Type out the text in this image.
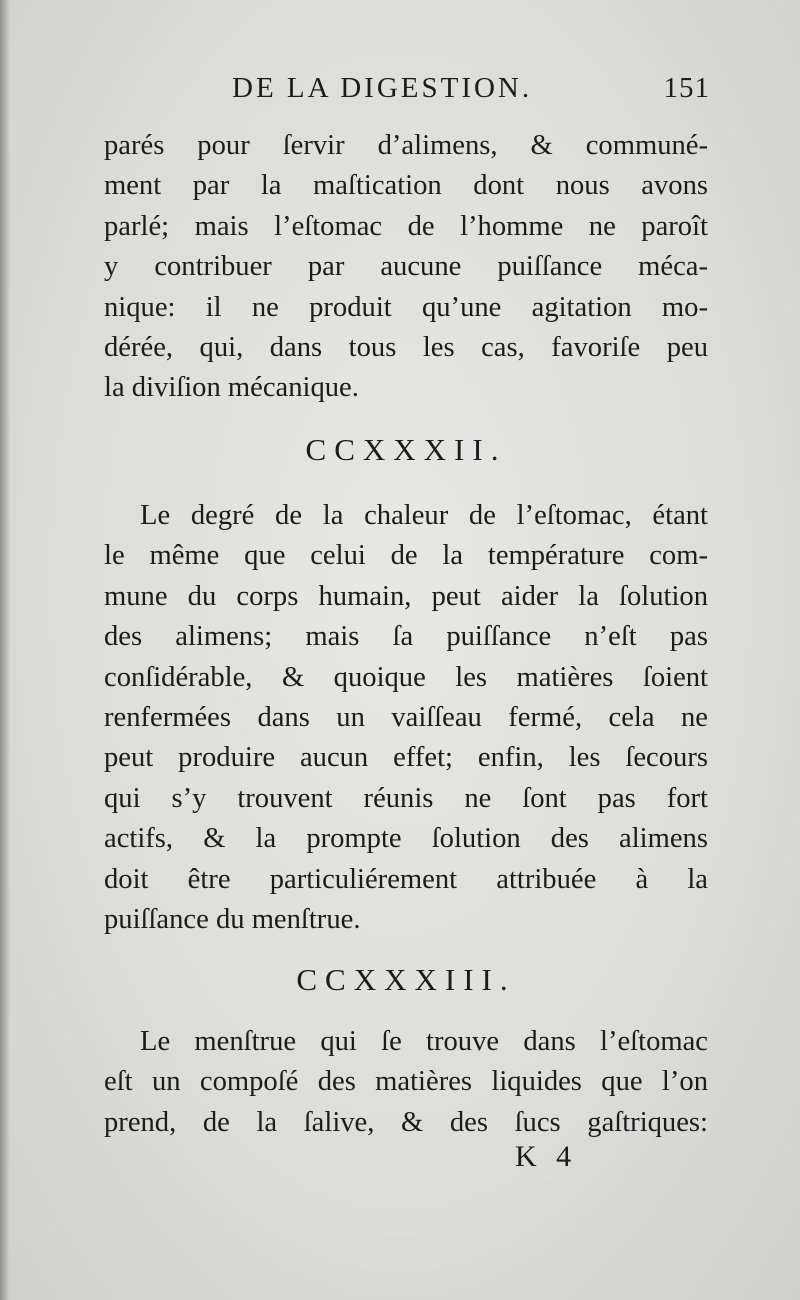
DE LA DIGESTION.	151
parés pour ſervir d’alimens, & communé-
ment par la maſtication dont nous avons
parlé; mais l’eſtomac de l’homme ne paroît
y contribuer par aucune puiſſance méca-
nique: il ne produit qu’une agitation mo-
dérée, qui, dans tous les cas, favoriſe peu
la diviſion mécanique.
CCXXXII.
Le degré de la chaleur de l’eſtomac, étant
le même que celui de la température com-
mune du corps humain, peut aider la ſolution
des alimens; mais ſa puiſſance n’eſt pas
conſidérable, & quoique les matières ſoient
renfermées dans un vaiſſeau fermé, cela ne
peut produire aucun effet; enfin, les ſecours
qui s’y trouvent réunis ne ſont pas fort
actifs, & la prompte ſolution des alimens
doit être particuliérement attribuée à la
puiſſance du menſtrue.
CCXXXIII.
Le menſtrue qui ſe trouve dans l’eſtomac
eſt un compoſé des matières liquides que l’on
prend, de la ſalive, & des ſucs gaſtriques:
K 4
